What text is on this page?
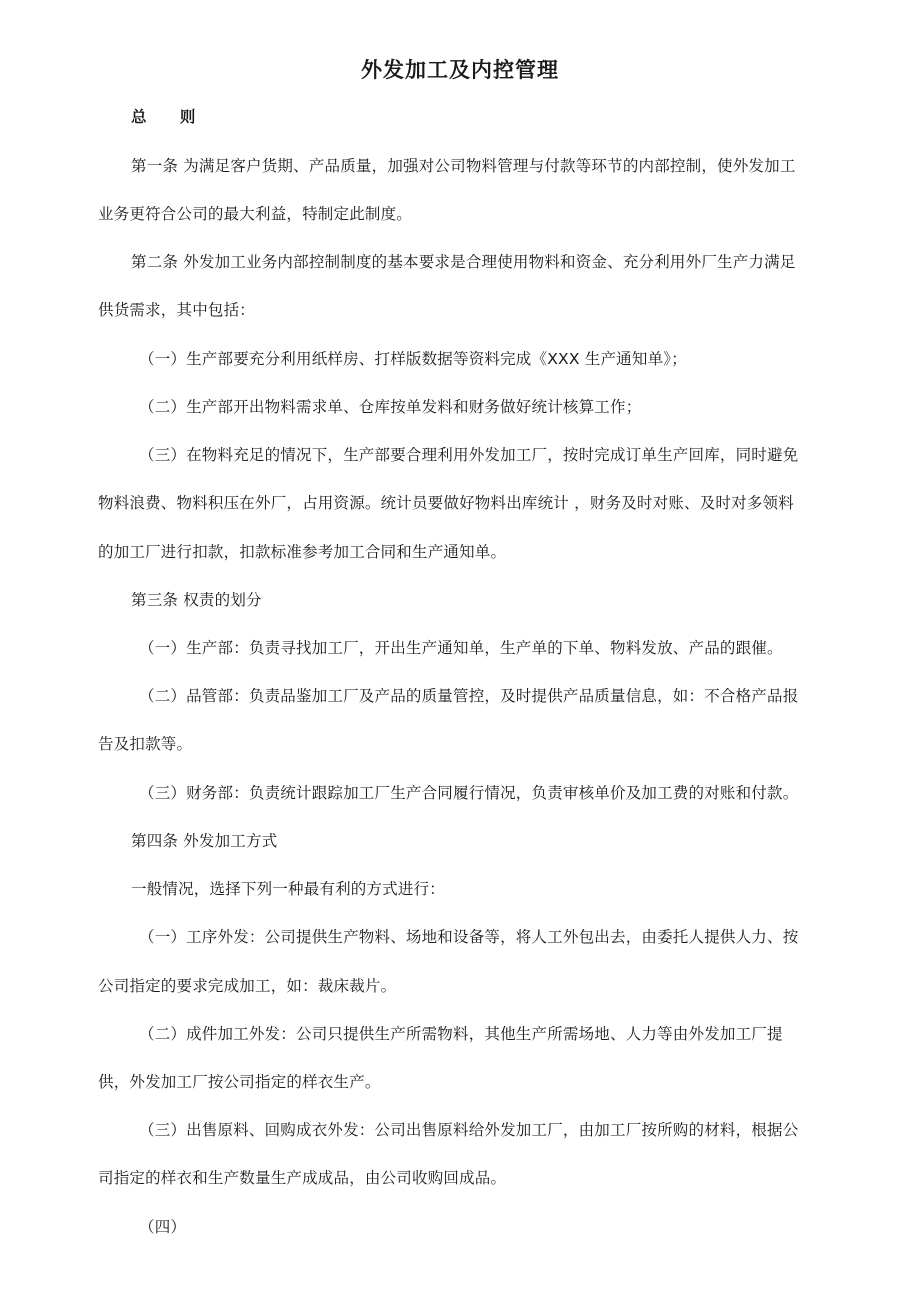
外发加工及内控管理
总 则
第一条 为满足客户货期、产品质量，加强对公司物料管理与付款等环节的内部控制，使外发加工
业务更符合公司的最大利益，特制定此制度。
第二条 外发加工业务内部控制制度的基本要求是合理使用物料和资金、充分利用外厂生产力满足
供货需求，其中包括：
（一）生产部要充分利用纸样房、打样版数据等资料完成《XXX 生产通知单》；
（二）生产部开出物料需求单、仓库按单发料和财务做好统计核算工作；
（三）在物料充足的情况下，生产部要合理利用外发加工厂，按时完成订单生产回库，同时避免
物料浪费、物料积压在外厂，占用资源。统计员要做好物料出库统计 ，财务及时对账、及时对多领料
的加工厂进行扣款，扣款标准参考加工合同和生产通知单。
第三条 权责的划分
（一）生产部：负责寻找加工厂，开出生产通知单，生产单的下单、物料发放、产品的跟催。
（二）品管部：负责品鉴加工厂及产品的质量管控，及时提供产品质量信息，如：不合格产品报
告及扣款等。
（三）财务部：负责统计跟踪加工厂生产合同履行情况，负责审核单价及加工费的对账和付款。
第四条 外发加工方式
一般情况，选择下列一种最有利的方式进行：
（一）工序外发：公司提供生产物料、场地和设备等，将人工外包出去，由委托人提供人力、按
公司指定的要求完成加工，如：裁床裁片。
（二）成件加工外发：公司只提供生产所需物料，其他生产所需场地、人力等由外发加工厂提
供，外发加工厂按公司指定的样衣生产。
（三）出售原料、回购成衣外发：公司出售原料给外发加工厂，由加工厂按所购的材料，根据公
司指定的样衣和生产数量生产成成品，由公司收购回成品。
（四）
